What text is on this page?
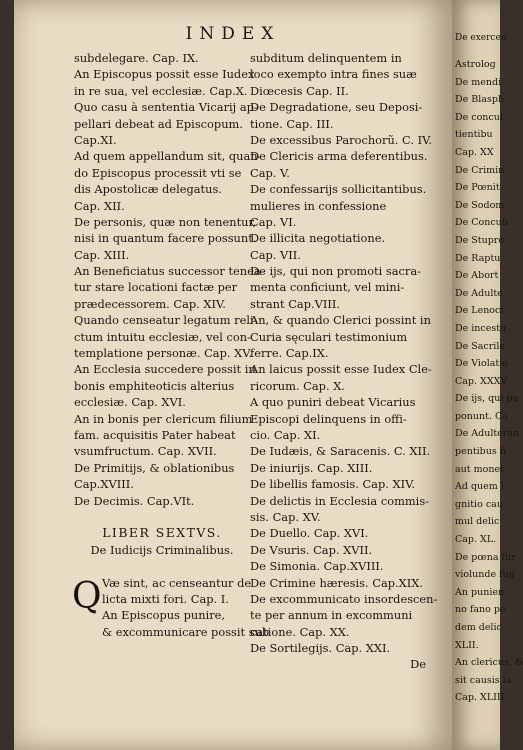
INDEX
subdelegare. Cap. IX.
An Episcopus possit esse Iudex
in re sua, vel ecclesiæ. Cap.X.
Quo casu à sententia Vicarij ap-
pellari debeat ad Episcopum.
Cap.XI.
Ad quem appellandum sit, quan-
do Episcopus processit vti se
dis Apostolicæ delegatus.
Cap. XII.
De personis, quæ non tenentur,
nisi in quantum facere possunt.
Cap. XIII.
An Beneficiatus successor tenea-
tur stare locationi factæ per
prædecessorem. Cap. XIV.
Quando censeatur legatum reli-
ctum intuitu ecclesiæ, vel con-
templatione personæ. Cap. XV.
An Ecclesia succedere possit in
bonis emphiteoticis alterius
ecclesiæ. Cap. XVI.
An in bonis per clericum filium
fam. acquisitis Pater habeat
vsumfructum. Cap. XVII.
De Primitijs, & oblationibus
Cap.XVIII.
De Decimis. Cap.VIt.
LIBER SEXTVS.
De Iudicijs Criminalibus.
Q Væ sint, ac censeantur de
licta mixti fori. Cap. I.
An Episcopus punire,
& excommunicare possit sub
subditum delinquentem in
loco exempto intra fines suæ
Diœcesis Cap. II.
De Degradatione, seu Deposi-
tione. Cap. III.
De excessibus Parochorũ. C. IV.
De Clericis arma deferentibus.
Cap. V.
De confessarijs sollicitantibus.
mulieres in confessione
Cap. VI.
De illicita negotiatione.
Cap. VII.
De ijs, qui non promoti sacra-
menta conficiunt, vel mini-
strant Cap.VIII.
An, & quando Clerici possint in
Curia sęculari testimonium
ferre. Cap.IX.
An laicus possit esse Iudex Cle-
ricorum. Cap. X.
A quo puniri debeat Vicarius
Episcopi delinquens in offi-
cio. Cap. XI.
De Iudæis, & Saracenis. C. XII.
De iniurijs. Cap. XIII.
De libellis famosis. Cap. XIV.
De delictis in Ecclesia commis-
sis. Cap. XV.
De Duello. Cap. XVI.
De Vsuris. Cap. XVII.
De Simonia. Cap.XVIII.
De Crimine hæresis. Cap.XIX.
De excommunicato insordescen-
te per annum in excommuni
catione. Cap. XX.
De Sortilegijs. Cap. XXI.
De
De exercen
Astrolog
De mendi
De Blasph
De concul
tientibu
Cap. XX
De Crimin
De Pœnit
De Sodom
De Concub
De Stupro
De Raptu
De Abort
De Adulte
De Lenoci
De incestu
De Sacrile
De Violatio
Cap. XXXV
De ijs, qui pu
ponunt. Ca
De Adulteran
pentibus fi
aut monet
Ad quem l
gnitio cau
mul delic
Cap. XL.
De pœna fur
violunde fug
An punien.
no fano pe
dem delic
XLII.
An clericus, &
sit causis la
Cap. XLIII.
